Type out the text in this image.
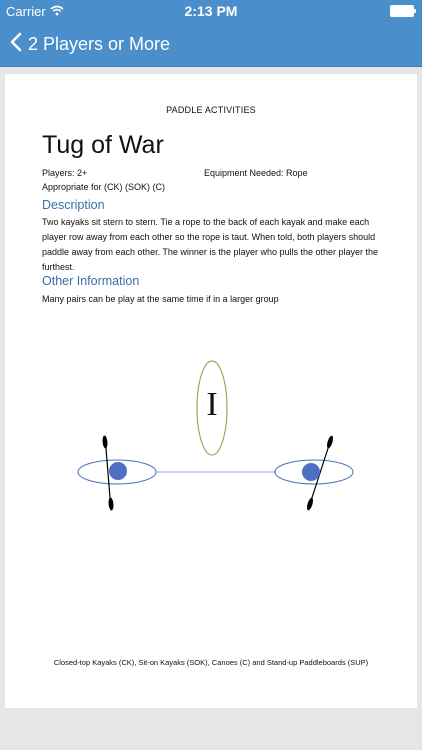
Carrier	2:13 PM
2 Players or More
PADDLE ACTIVITIES
Tug of War
Players: 2+	Equipment Needed: Rope
Appropriate for (CK) (SOK) (C)
Description
Two kayaks sit stern to stern. Tie a rope to the back of each kayak and make each player row away from each other so the rope is taut. When told, both players should paddle away from each other. The winner is the player who pulls the other player the furthest.
Other Information
Many pairs can be play at the same time if in a larger group
I
Closed-top Kayaks (CK), Sit-on Kayaks (SOK), Canoes (C) and Stand-up Paddleboards (SUP)
